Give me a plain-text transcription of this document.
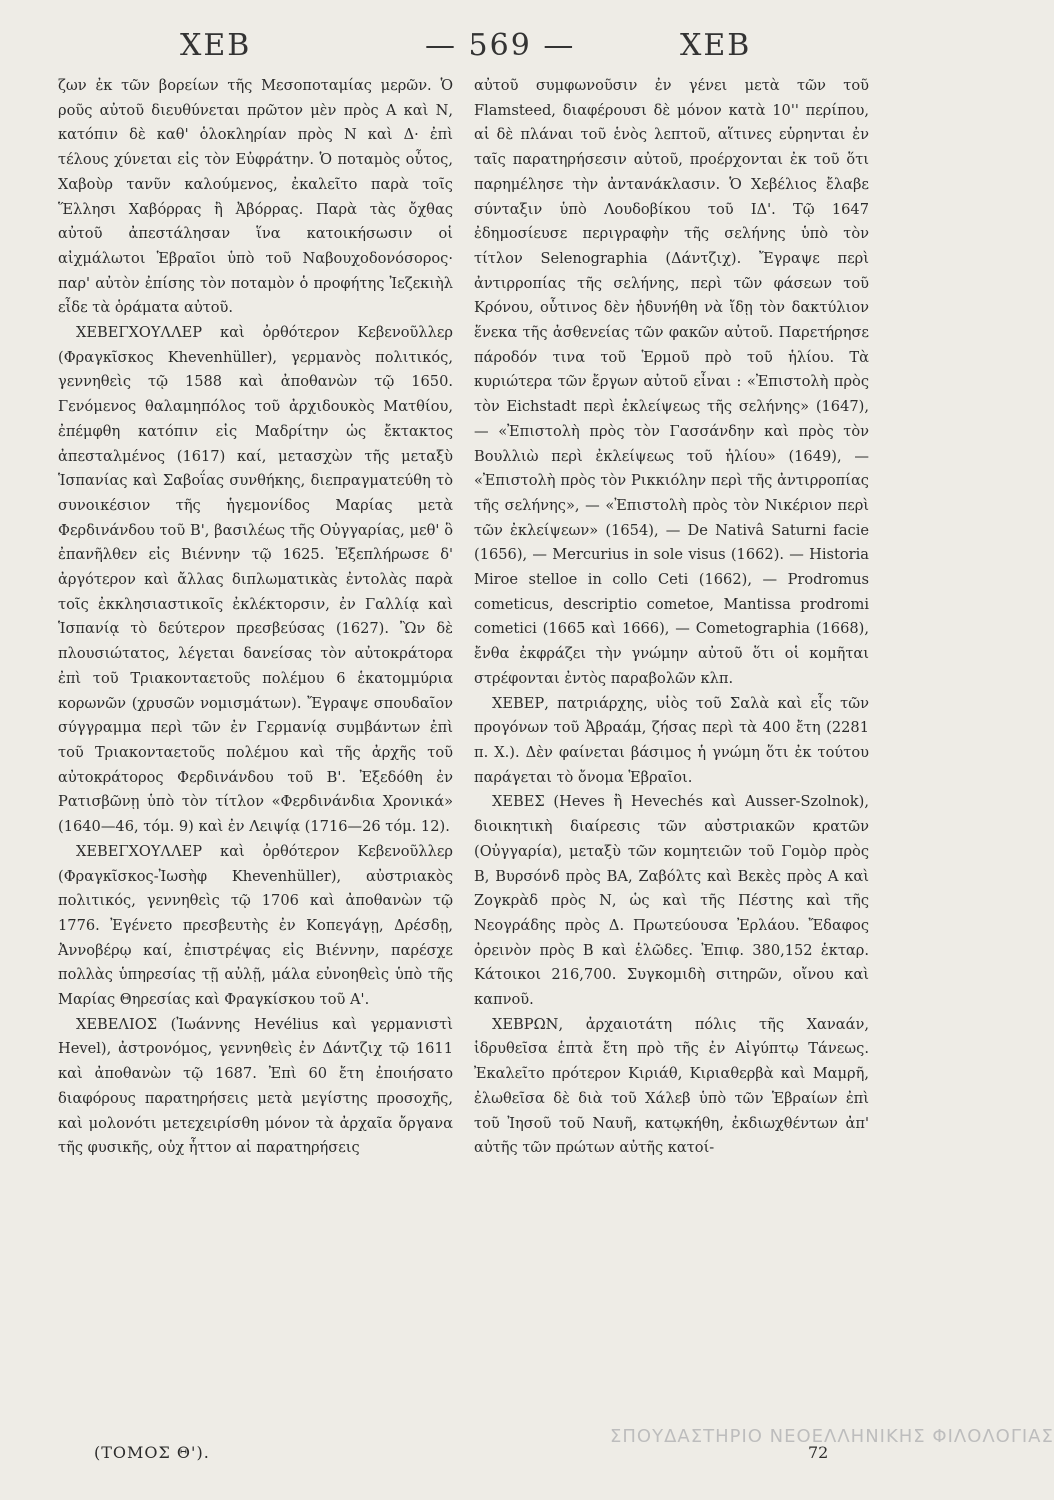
ΧΕΒ	— 569 —	ΧΕΒ

ζων ἐκ τῶν βορείων τῆς Μεσοποταμίας μερῶν. Ὁ ροῦς αὐτοῦ διευθύνεται πρῶτον μὲν πρὸς Α καὶ Ν, κατόπιν δὲ καθ' ὁλοκληρίαν πρὸς Ν καὶ Δ· ἐπὶ τέλους χύνεται εἰς τὸν Εὐφράτην. Ὁ ποταμὸς οὗτος, Χαβοὺρ τανῦν καλούμενος, ἐκαλεῖτο παρὰ τοῖς Ἕλλησι Χαβόρρας ἢ Ἀβόρρας. Παρὰ τὰς ὄχθας αὐτοῦ ἀπεστάλησαν ἵνα κατοικήσωσιν οἱ αἰχμάλωτοι Ἑβραῖοι ὑπὸ τοῦ Ναβουχοδονόσορος· παρ' αὐτὸν ἐπίσης τὸν ποταμὸν ὁ προφήτης Ἰεζεκιὴλ εἶδε τὰ ὁράματα αὐτοῦ.

ΧΕΒΕΓΧΟΥΛΛΕΡ καὶ ὀρθότερον Κεβενοῦλλερ (Φραγκῖσκος Khevenhüller), γερμανὸς πολιτικός, γεννηθεὶς τῷ 1588 καὶ ἀποθανὼν τῷ 1650. Γενόμενος θαλαμηπόλος τοῦ ἀρχιδουκὸς Ματθίου, ἐπέμφθη κατόπιν εἰς Μαδρίτην ὡς ἔκτακτος ἀπεσταλμένος (1617) καί, μετασχὼν τῆς μεταξὺ Ἱσπανίας καὶ Σαβοΐας συνθήκης, διεπραγματεύθη τὸ συνοικέσιον τῆς ἡγεμονίδος Μαρίας μετὰ Φερδινάνδου τοῦ Β', βασιλέως τῆς Οὐγγαρίας, μεθ' ὃ ἐπανῆλθεν εἰς Βιέννην τῷ 1625. Ἐξεπλήρωσε δ' ἀργότερον καὶ ἄλλας διπλωματικὰς ἐντολὰς παρὰ τοῖς ἐκκλησιαστικοῖς ἐκλέκτορσιν, ἐν Γαλλίᾳ καὶ Ἱσπανίᾳ τὸ δεύτερον πρεσβεύσας (1627). Ὢν δὲ πλουσιώτατος, λέγεται δανείσας τὸν αὐτοκράτορα ἐπὶ τοῦ Τριακονταετοῦς πολέμου 6 ἑκατομμύρια κορωνῶν (χρυσῶν νομισμάτων). Ἔγραψε σπουδαῖον σύγγραμμα περὶ τῶν ἐν Γερμανίᾳ συμβάντων ἐπὶ τοῦ Τριακονταετοῦς πολέμου καὶ τῆς ἀρχῆς τοῦ αὐτοκράτορος Φερδινάνδου τοῦ Β'. Ἐξεδόθη ἐν Ρατισβῶνῃ ὑπὸ τὸν τίτλον «Φερδινάνδια Χρονικά» (1640—46, τόμ. 9) καὶ ἐν Λειψίᾳ (1716—26 τόμ. 12).

ΧΕΒΕΓΧΟΥΛΛΕΡ καὶ ὀρθότερον Κεβενοῦλλερ (Φραγκῖσκος-Ἰωσὴφ Khevenhüller), αὐστριακὸς πολιτικός, γεννηθεὶς τῷ 1706 καὶ ἀποθανὼν τῷ 1776. Ἐγένετο πρεσβευτὴς ἐν Κοπεγάγῃ, Δρέσδῃ, Ἀννοβέρῳ καί, ἐπιστρέψας εἰς Βιέννην, παρέσχε πολλὰς ὑπηρεσίας τῇ αὐλῇ, μάλα εὐνοηθεὶς ὑπὸ τῆς Μαρίας Θηρεσίας καὶ Φραγκίσκου τοῦ Α'.

ΧΕΒΕΛΙΟΣ (Ἰωάννης Hevélius καὶ γερμανιστὶ Hevel), ἀστρονόμος, γεννηθεὶς ἐν Δάντζιχ τῷ 1611 καὶ ἀποθανὼν τῷ 1687. Ἐπὶ 60 ἔτη ἐποιήσατο διαφόρους παρατηρήσεις μετὰ μεγίστης προσοχῆς, καὶ μολονότι μετεχειρίσθη μόνον τὰ ἀρχαῖα ὄργανα τῆς φυσικῆς, οὐχ ἧττον αἱ παρατηρήσεις

αὐτοῦ συμφωνοῦσιν ἐν γένει μετὰ τῶν τοῦ Flamsteed, διαφέρουσι δὲ μόνον κατὰ 10'' περίπου, αἱ δὲ πλάναι τοῦ ἑνὸς λεπτοῦ, αἵτινες εὑρηνται ἐν ταῖς παρατηρήσεσιν αὐτοῦ, προέρχονται ἐκ τοῦ ὅτι παρημέλησε τὴν ἀντανάκλασιν. Ὁ Χεβέλιος ἔλαβε σύνταξιν ὑπὸ Λουδοβίκου τοῦ ΙΔ'. Τῷ 1647 ἐδημοσίευσε περιγραφὴν τῆς σελήνης ὑπὸ τὸν τίτλον Selenographia (Δάντζιχ). Ἔγραψε περὶ ἀντιρροπίας τῆς σελήνης, περὶ τῶν φάσεων τοῦ Κρόνου, οὗτινος δὲν ἠδυνήθη νὰ ἴδῃ τὸν δακτύλιον ἕνεκα τῆς ἀσθενείας τῶν φακῶν αὐτοῦ. Παρετήρησε πάροδόν τινα τοῦ Ἑρμοῦ πρὸ τοῦ ἡλίου. Τὰ κυριώτερα τῶν ἔργων αὐτοῦ εἶναι : «Ἐπιστολὴ πρὸς τὸν Eichstadt περὶ ἐκλείψεως τῆς σελήνης» (1647), — «Ἐπιστολὴ πρὸς τὸν Γασσάνδην καὶ πρὸς τὸν Βουλλιὼ περὶ ἐκλείψεως τοῦ ἡλίου» (1649), — «Ἐπιστολὴ πρὸς τὸν Ρικκιόλην περὶ τῆς ἀντιρροπίας τῆς σελήνης», — «Ἐπιστολὴ πρὸς τὸν Νικέριον περὶ τῶν ἐκλείψεων» (1654), — De Nativâ Saturni facie (1656), — Mercurius in sole visus (1662). — Historia Miroe stelloe in collo Ceti (1662), — Prodromus cometicus, descriptio cometoe, Mantissa prodromi cometici (1665 καὶ 1666), — Cometographia (1668), ἔνθα ἐκφράζει τὴν γνώμην αὐτοῦ ὅτι οἱ κομῆται στρέφονται ἐντὸς παραβολῶν κλπ.

ΧΕΒΕΡ, πατριάρχης, υἱὸς τοῦ Σαλὰ καὶ εἷς τῶν προγόνων τοῦ Ἀβραάμ, ζήσας περὶ τὰ 400 ἔτη (2281 π. Χ.). Δὲν φαίνεται βάσιμος ἡ γνώμη ὅτι ἐκ τούτου παράγεται τὸ ὄνομα Ἑβραῖοι.

ΧΕΒΕΣ (Heves ἢ Hevechés καὶ Ausser-Szolnok), διοικητικὴ διαίρεσις τῶν αὐστριακῶν κρατῶν (Οὐγγαρία), μεταξὺ τῶν κομητειῶν τοῦ Γομὸρ πρὸς Β, Βυρσόνδ πρὸς ΒΑ, Ζαβόλτς καὶ Βεκὲς πρὸς Α καὶ Ζογκρὰδ πρὸς Ν, ὡς καὶ τῆς Πέστης καὶ τῆς Νεογράδης πρὸς Δ. Πρωτεύουσα Ἐρλάου. Ἔδαφος ὀρεινὸν πρὸς Β καὶ ἑλῶδες. Ἐπιφ. 380,152 ἑκταρ. Κάτοικοι 216,700. Συγκομιδὴ σιτηρῶν, οἴνου καὶ καπνοῦ.

ΧΕΒΡΩΝ, ἀρχαιοτάτη πόλις τῆς Χαναάν, ἱδρυθεῖσα ἑπτὰ ἔτη πρὸ τῆς ἐν Αἰγύπτῳ Τάνεως. Ἐκαλεῖτο πρότερον Κιριάθ, Κιριαθερβὰ καὶ Μαμρῆ, ἐλωθεῖσα δὲ διὰ τοῦ Χάλεβ ὑπὸ τῶν Ἑβραίων ἐπὶ τοῦ Ἰησοῦ τοῦ Ναυῆ, κατῳκήθη, ἐκδιωχθέντων ἀπ' αὐτῆς τῶν πρώτων αὐτῆς κατοί-

(ΤΟΜΟΣ Θ').
ΣΠΟΥΔΑΣΤΗΡΙΟ ΝΕΟΕΛΛΗΝΙΚΗΣ ΦΙΛΟΛΟΓΙΑΣ
72
